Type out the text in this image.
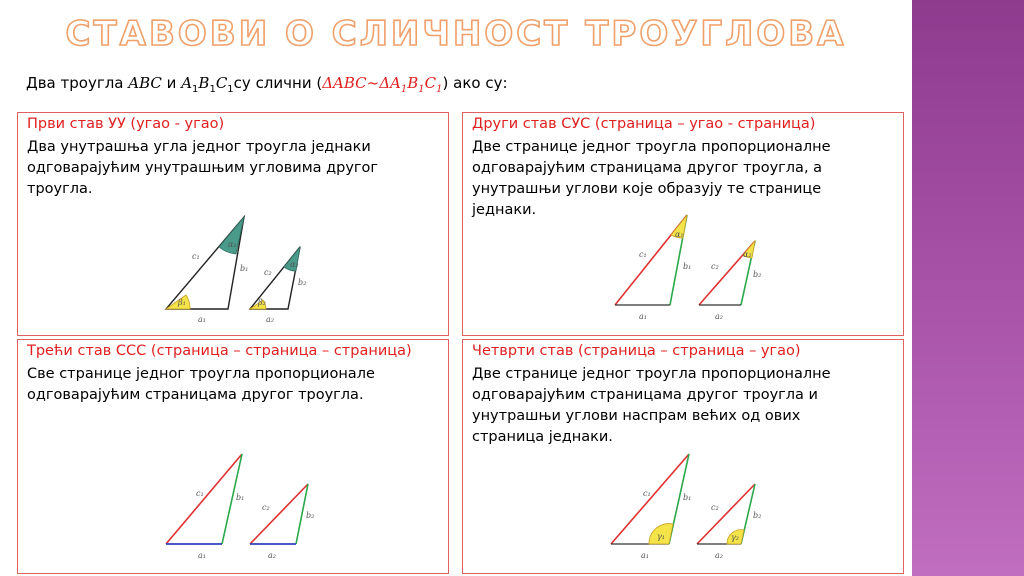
СТАВОВИ О СЛИЧНОСТ ТРОУГЛОВА
Два троугла ABC и $A_1B_1C_1су$ слични $(\Delta ABC\sim\Delta A_1B_1C_1)$ ако су:
Први став УУ (угао - угао)
Два унутрашња угла једног троугла једнаки
одговарајућим унутрашњим угловима другог
троугла.
c₁
b₁
a₁
β₁
α₁
c₂
b₂
a₂
β₂
α₂
Други став СУС (страница – угао - страница)
Две странице једног троугла пропорционалне
одговарајућим страницама другог троугла, а
унутрашњи углови које образују те странице
једнаки.
c₁
b₁
a₁
α₁
c₂
b₂
a₂
α₂
Трећи став ССС (страница – страница – страница)
Све странице једног троугла пропорционале
одговарајућим страницама другог троугла.
c₁	b₁
a₁
c₂
b₂
a₂
Четврти став (страница – страница – угао)
Две странице једног троугла пропорционалне
одговарајућим страницама другог троугла и
унутрашњи углови наспрам већих од ових
страница једнаки.
c₁	b₁
a₁
γ₁
c₂
b₂
a₂
γ₂
